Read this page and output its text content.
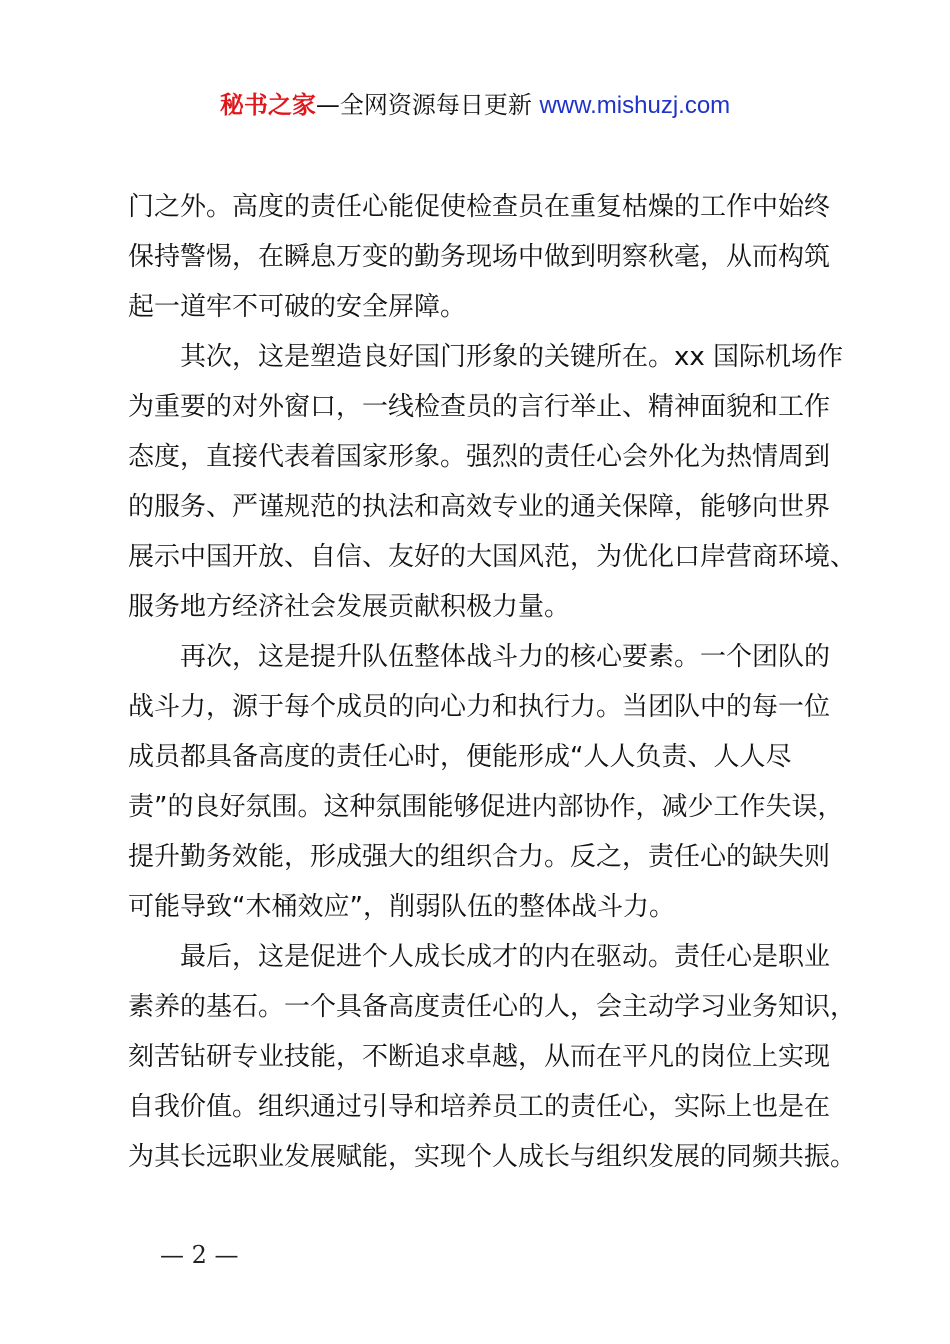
秘书之家—全网资源每日更新 www.mishuzj.com
门之外。高度的责任心能促使检查员在重复枯燥的工作中始终
保持警惕，在瞬息万变的勤务现场中做到明察秋毫，从而构筑
起一道牢不可破的安全屏障。
其次，这是塑造良好国门形象的关键所在。xx 国际机场作
为重要的对外窗口，一线检查员的言行举止、精神面貌和工作
态度，直接代表着国家形象。强烈的责任心会外化为热情周到
的服务、严谨规范的执法和高效专业的通关保障，能够向世界
展示中国开放、自信、友好的大国风范，为优化口岸营商环境、
服务地方经济社会发展贡献积极力量。
再次，这是提升队伍整体战斗力的核心要素。一个团队的
战斗力，源于每个成员的向心力和执行力。当团队中的每一位
成员都具备高度的责任心时，便能形成“人人负责、人人尽
责”的良好氛围。这种氛围能够促进内部协作，减少工作失误，
提升勤务效能，形成强大的组织合力。反之，责任心的缺失则
可能导致“木桶效应”，削弱队伍的整体战斗力。
最后，这是促进个人成长成才的内在驱动。责任心是职业
素养的基石。一个具备高度责任心的人，会主动学习业务知识，
刻苦钻研专业技能，不断追求卓越，从而在平凡的岗位上实现
自我价值。组织通过引导和培养员工的责任心，实际上也是在
为其长远职业发展赋能，实现个人成长与组织发展的同频共振。
— 2 —
